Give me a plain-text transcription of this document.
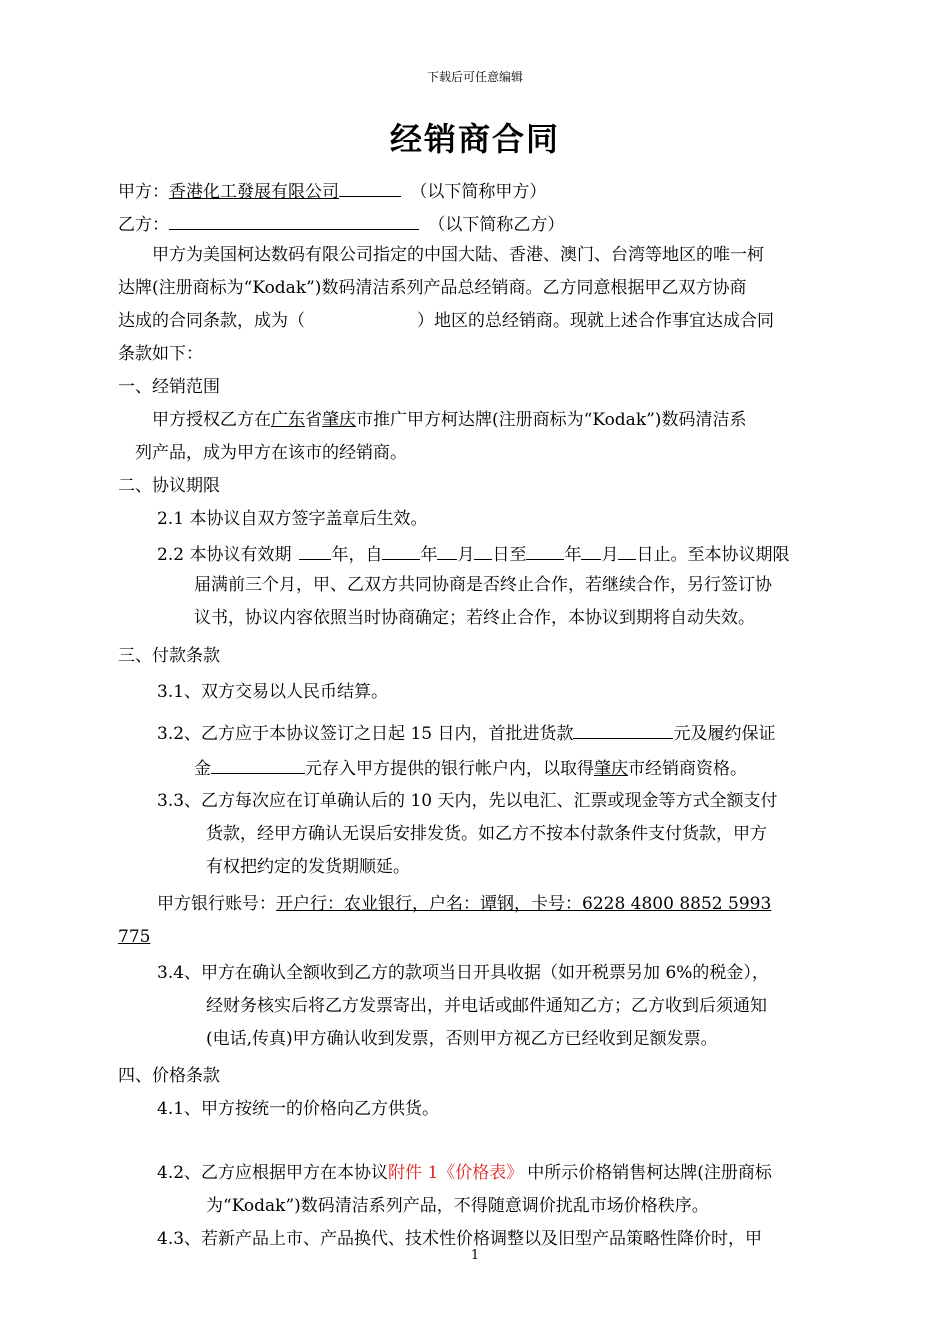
下载后可任意编辑
经销商合同
甲方：香港化工發展有限公司	（以下简称甲方）
乙方：	（以下简称乙方）
甲方为美国柯达数码有限公司指定的中国大陆、香港、澳门、台湾等地区的唯一柯
达牌(注册商标为“Kodak”)数码清洁系列产品总经销商。乙方同意根据甲乙双方协商
达成的合同条款，成为（	）地区的总经销商。现就上述合作事宜达成合同
条款如下：
一、经销范围
甲方授权乙方在广东省肇庆市推广甲方柯达牌(注册商标为“Kodak”)数码清洁系
列产品，成为甲方在该市的经销商。
二、协议期限
2.1 本协议自双方签字盖章后生效。
2.2 本协议有效期 年，自 年 月 日至 年 月 日止。至本协议期限
届满前三个月，甲、乙双方共同协商是否终止合作，若继续合作，另行签订协
议书，协议内容依照当时协商确定；若终止合作，本协议到期将自动失效。
三、付款条款
3.1、双方交易以人民币结算。
3.2、乙方应于本协议签订之日起 15 日内，首批进货款	元及履约保证
金	元存入甲方提供的银行帐户内，以取得肇庆市经销商资格。
3.3、乙方每次应在订单确认后的 10 天内，先以电汇、汇票或现金等方式全额支付
货款，经甲方确认无误后安排发货。如乙方不按本付款条件支付货款，甲方
有权把约定的发货期顺延。
甲方银行账号：开户行：农业银行，户名：谭钢，卡号：6228 4800 8852 5993
775
3.4、甲方在确认全额收到乙方的款项当日开具收据（如开税票另加 6%的税金），
经财务核实后将乙方发票寄出，并电话或邮件通知乙方；乙方收到后须通知
(电话,传真)甲方确认收到发票，否则甲方视乙方已经收到足额发票。
四、价格条款
4.1、甲方按统一的价格向乙方供货。
4.2、乙方应根据甲方在本协议附件 1《价格表》 中所示价格销售柯达牌(注册商标
为“Kodak”)数码清洁系列产品，不得随意调价扰乱市场价格秩序。
4.3、若新产品上市、产品换代、技术性价格调整以及旧型产品策略性降价时，甲
1
